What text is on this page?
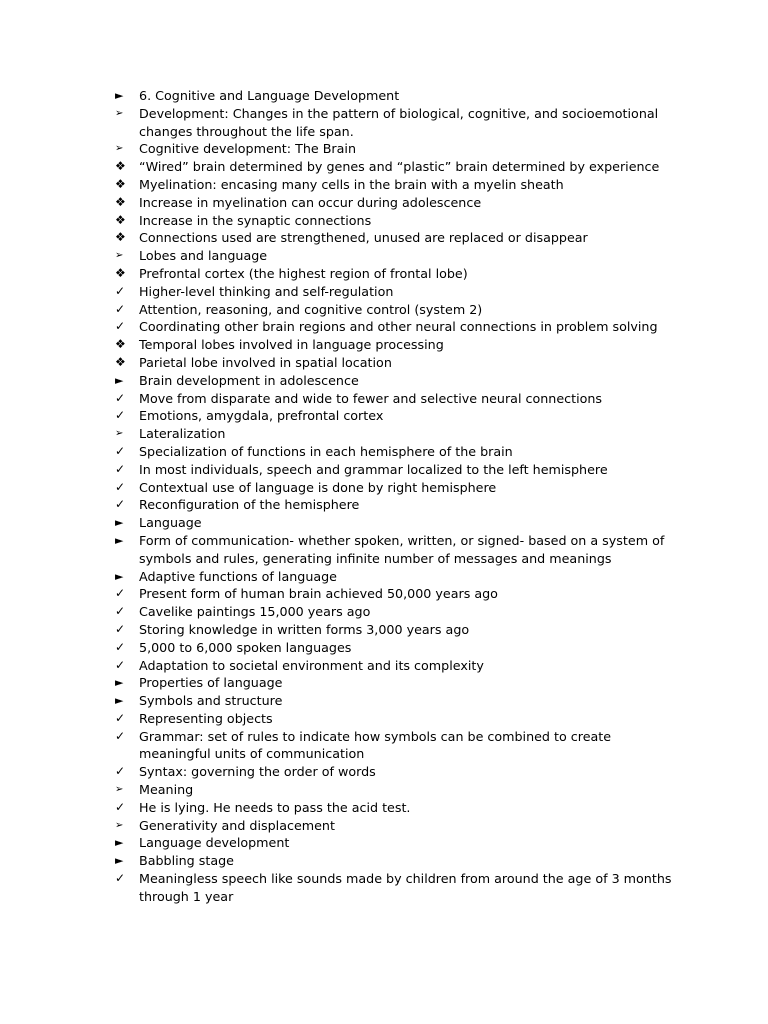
►	6. Cognitive and Language Development
➢	Development: Changes in the pattern of biological, cognitive, and socioemotional changes throughout the life span.
➢	Cognitive development: The Brain
❖	“Wired” brain determined by genes and “plastic” brain determined by experience
❖	Myelination: encasing many cells in the brain with a myelin sheath
❖	Increase in myelination can occur during adolescence
❖	Increase in the synaptic connections
❖	Connections used are strengthened, unused are replaced or disappear
➢	Lobes and language
❖	Prefrontal cortex (the highest region of frontal lobe)
✓	Higher-level thinking and self-regulation
✓	Attention, reasoning, and cognitive control (system 2)
✓	Coordinating other brain regions and other neural connections in problem solving
❖	Temporal lobes involved in language processing
❖	Parietal lobe involved in spatial location
►	Brain development in adolescence
✓	Move from disparate and wide to fewer and selective neural connections
✓	Emotions, amygdala, prefrontal cortex
➢	Lateralization
✓	Specialization of functions in each hemisphere of the brain
✓	In most individuals, speech and grammar localized to the left hemisphere
✓	Contextual use of language is done by right hemisphere
✓	Reconfiguration of the hemisphere
►	Language
►	Form of communication- whether spoken, written, or signed- based on a system of symbols and rules, generating infinite number of messages and meanings
►	Adaptive functions of language
✓	Present form of human brain achieved 50,000 years ago
✓	Cavelike paintings 15,000 years ago
✓	Storing knowledge in written forms 3,000 years ago
✓	5,000 to 6,000 spoken languages
✓	Adaptation to societal environment and its complexity
►	Properties of language
►	Symbols and structure
✓	Representing objects
✓	Grammar: set of rules to indicate how symbols can be combined to create meaningful units of communication
✓	Syntax: governing the order of words
➢	Meaning
✓	He is lying. He needs to pass the acid test.
➢	Generativity and displacement
►	Language development
►	Babbling stage
✓	Meaningless speech like sounds made by children from around the age of 3 months through 1 year
